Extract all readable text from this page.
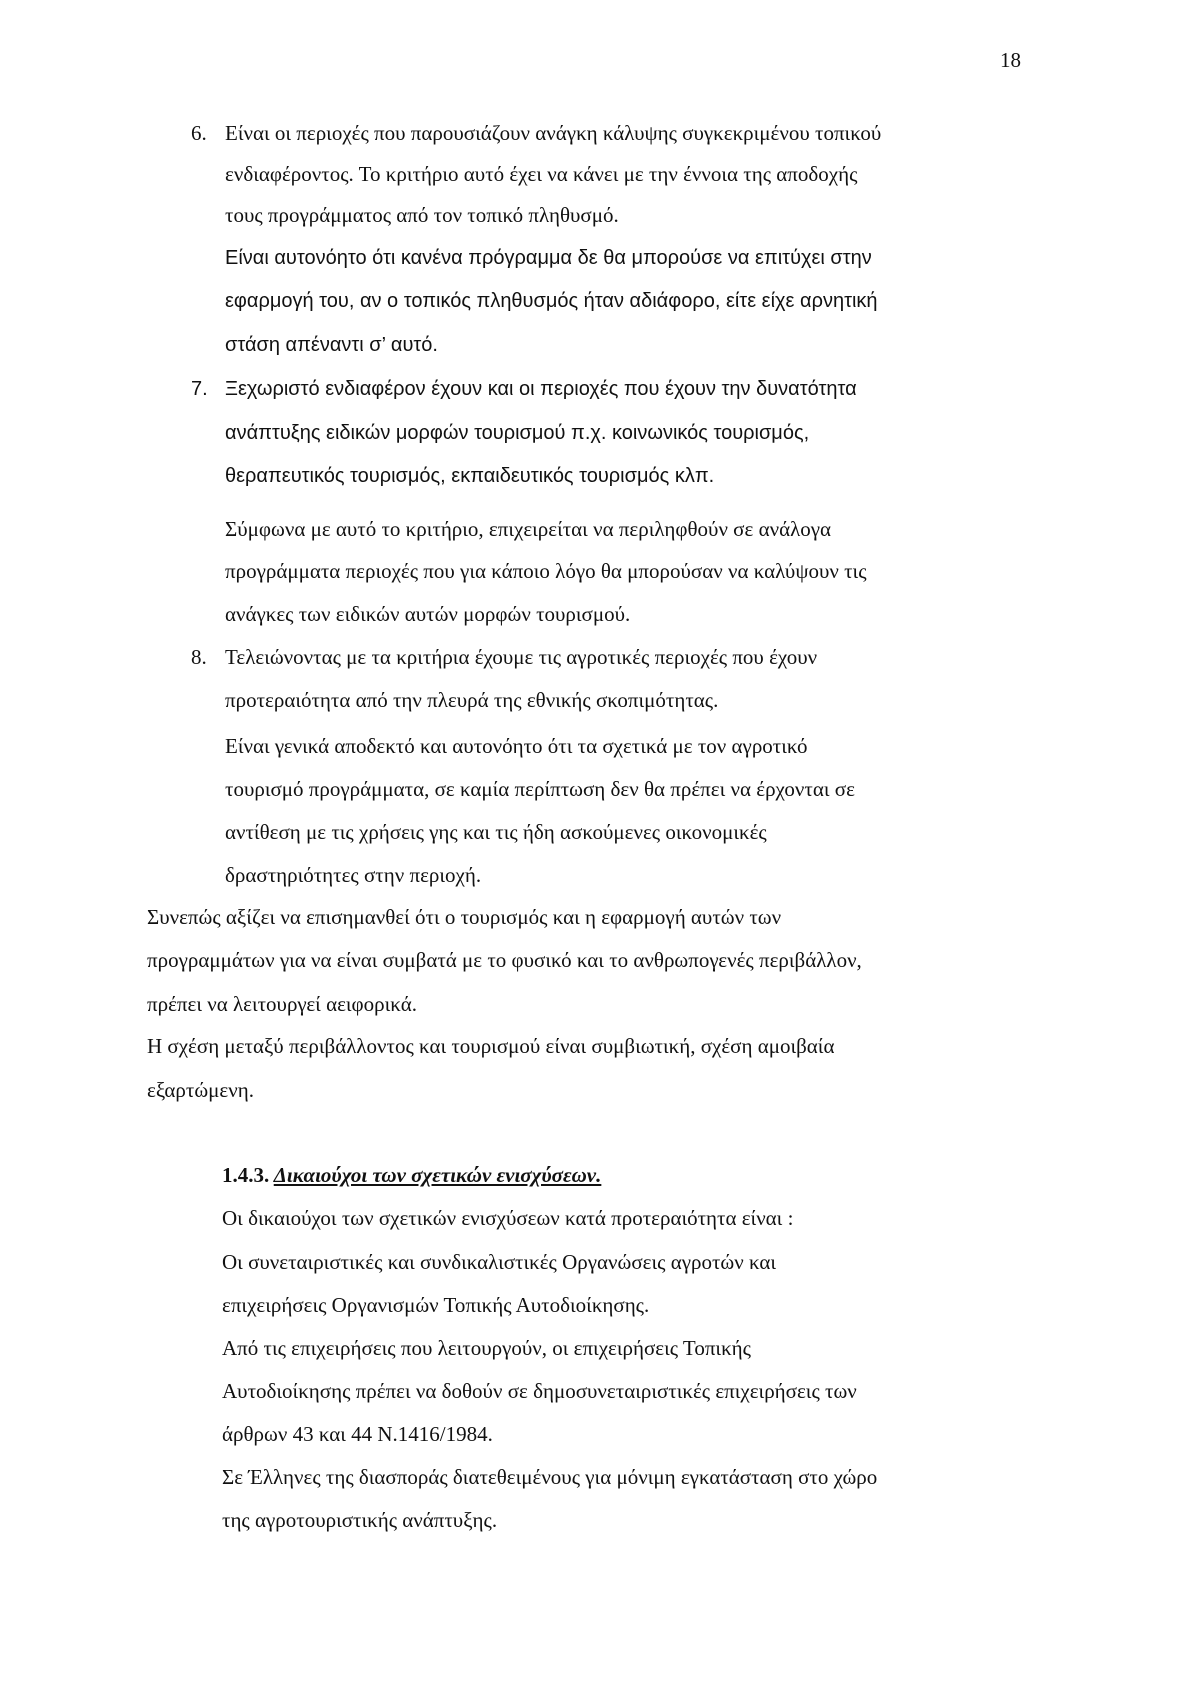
18
6. Είναι οι περιοχές που παρουσιάζουν ανάγκη κάλυψης συγκεκριμένου τοπικού
ενδιαφέροντος. Το κριτήριο αυτό έχει να κάνει με την έννοια της αποδοχής
τους προγράμματος από τον τοπικό πληθυσμό.
Είναι αυτονόητο ότι κανένα πρόγραμμα δε θα μπορούσε να επιτύχει στην
εφαρμογή του, αν ο τοπικός πληθυσμός ήταν αδιάφορο, είτε είχε αρνητική
στάση απέναντι σ’ αυτό.
7. Ξεχωριστό ενδιαφέρον έχουν και οι περιοχές που έχουν την δυνατότητα
ανάπτυξης ειδικών μορφών τουρισμού π.χ. κοινωνικός τουρισμός,
θεραπευτικός τουρισμός, εκπαιδευτικός τουρισμός κλπ.
Σύμφωνα με αυτό το κριτήριο, επιχειρείται να περιληφθούν σε ανάλογα
προγράμματα περιοχές που για κάποιο λόγο θα μπορούσαν να καλύψουν τις
ανάγκες των ειδικών αυτών μορφών τουρισμού.
8. Τελειώνοντας με τα κριτήρια έχουμε τις αγροτικές περιοχές που έχουν
προτεραιότητα από την πλευρά της εθνικής σκοπιμότητας.
Είναι γενικά αποδεκτό και αυτονόητο ότι τα σχετικά με τον αγροτικό
τουρισμό προγράμματα, σε καμία περίπτωση δεν θα πρέπει να έρχονται σε
αντίθεση με τις χρήσεις γης και τις ήδη ασκούμενες οικονομικές
δραστηριότητες στην περιοχή.
Συνεπώς αξίζει να επισημανθεί ότι ο τουρισμός και η εφαρμογή αυτών των
προγραμμάτων για να είναι συμβατά με το φυσικό και το ανθρωπογενές περιβάλλον,
πρέπει να λειτουργεί αειφορικά.
Η σχέση μεταξύ περιβάλλοντος και τουρισμού είναι συμβιωτική, σχέση αμοιβαία
εξαρτώμενη.
1.4.3. Δικαιούχοι των σχετικών ενισχύσεων.
Οι δικαιούχοι των σχετικών ενισχύσεων κατά προτεραιότητα είναι :
Οι συνεταιριστικές και συνδικαλιστικές Οργανώσεις αγροτών και
επιχειρήσεις Οργανισμών Τοπικής Αυτοδιοίκησης.
Από τις επιχειρήσεις που λειτουργούν, οι επιχειρήσεις Τοπικής
Αυτοδιοίκησης πρέπει να δοθούν σε δημοσυνεταιριστικές επιχειρήσεις των
άρθρων 43 και 44 Ν.1416/1984.
Σε Έλληνες της διασποράς διατεθειμένους για μόνιμη εγκατάσταση στο χώρο
της αγροτουριστικής ανάπτυξης.
